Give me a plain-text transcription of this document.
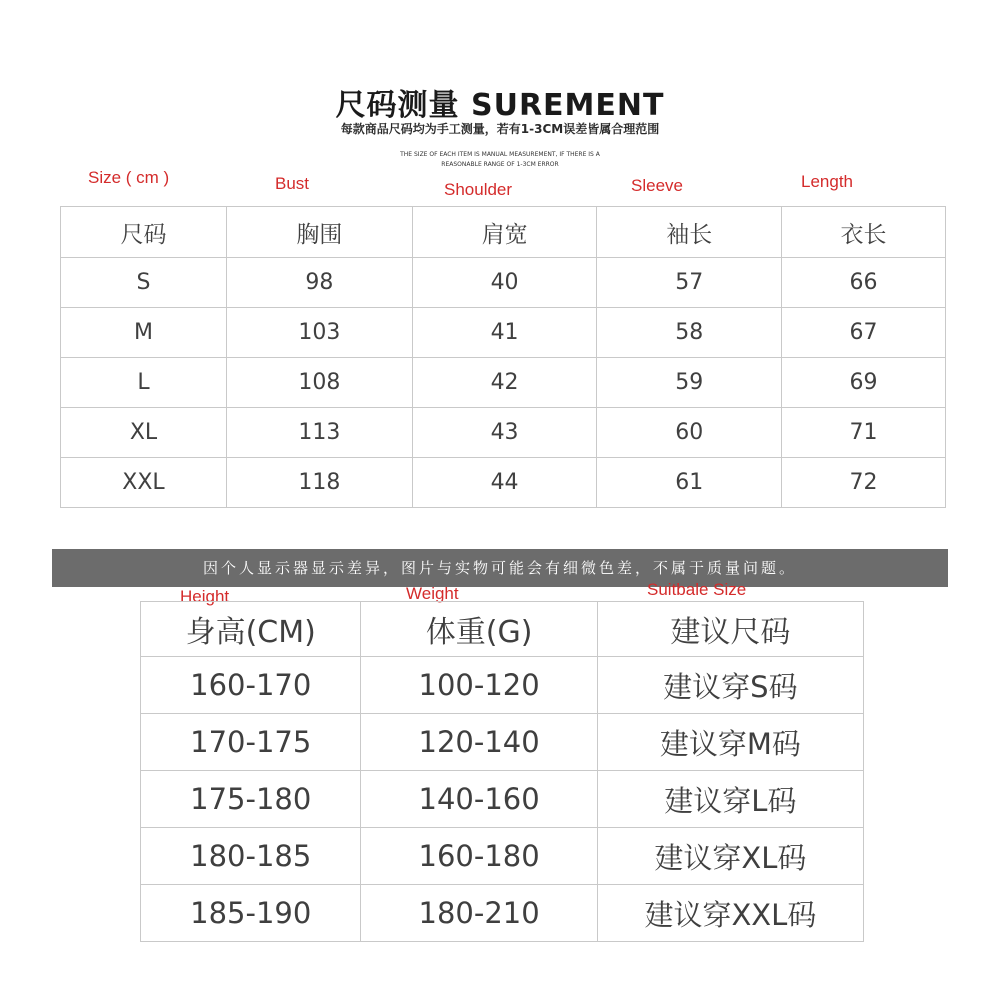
尺码测量 SUREMENT
每款商品尺码均为手工测量，若有1-3CM误差皆属合理范围
THE SIZE OF EACH ITEM IS MANUAL MEASUREMENT, IF THERE IS A
REASONABLE RANGE OF 1-3CM ERROR
Size ( cm )	Bust	Shoulder	Sleeve	Length
尺码	胸围	肩宽	袖长	衣长
S	98	40	57	66
M	103	41	58	67
L	108	42	59	69
XL	113	43	60	71
XXL	118	44	61	72
因个人显示器显示差异，图片与实物可能会有细微色差，不属于质量问题。
Height	Weight	Suitbale Size
身高(CM)	体重(G)	建议尺码
160-170	100-120	建议穿S码
170-175	120-140	建议穿M码
175-180	140-160	建议穿L码
180-185	160-180	建议穿XL码
185-190	180-210	建议穿XXL码
